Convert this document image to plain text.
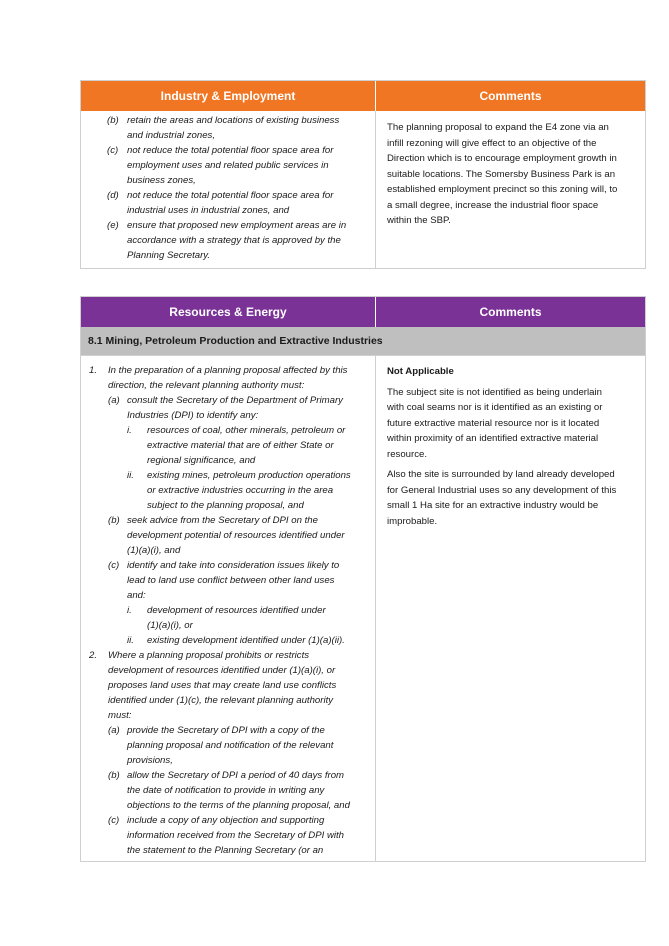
Industry & Employment	Comments
(b) retain the areas and locations of existing business
and industrial zones,
(c) not reduce the total potential floor space area for
employment uses and related public services in
business zones,
(d) not reduce the total potential floor space area for
industrial uses in industrial zones, and
(e) ensure that proposed new employment areas are in
accordance with a strategy that is approved by the
Planning Secretary.
The planning proposal to expand the E4 zone via an
infill rezoning will give effect to an objective of the
Direction which is to encourage employment growth in
suitable locations. The Somersby Business Park is an
established employment precinct so this zoning will, to
a small degree, increase the industrial floor space
within the SBP.
Resources & Energy	Comments
8.1 Mining, Petroleum Production and Extractive Industries
1. In the preparation of a planning proposal affected by this
direction, the relevant planning authority must:
(a) consult the Secretary of the Department of Primary
Industries (DPI) to identify any:
i. resources of coal, other minerals, petroleum or
extractive material that are of either State or
regional significance, and
ii. existing mines, petroleum production operations
or extractive industries occurring in the area
subject to the planning proposal, and
(b) seek advice from the Secretary of DPI on the
development potential of resources identified under
(1)(a)(i), and
(c) identify and take into consideration issues likely to
lead to land use conflict between other land uses
and:
i. development of resources identified under
(1)(a)(i), or
ii. existing development identified under (1)(a)(ii).
2. Where a planning proposal prohibits or restricts
development of resources identified under (1)(a)(i), or
proposes land uses that may create land use conflicts
identified under (1)(c), the relevant planning authority
must:
(a) provide the Secretary of DPI with a copy of the
planning proposal and notification of the relevant
provisions,
(b) allow the Secretary of DPI a period of 40 days from
the date of notification to provide in writing any
objections to the terms of the planning proposal, and
(c) include a copy of any objection and supporting
information received from the Secretary of DPI with
the statement to the Planning Secretary (or an
Not Applicable
The subject site is not identified as being underlain
with coal seams nor is it identified as an existing or
future extractive material resource nor is it located
within proximity of an identified extractive material
resource.
Also the site is surrounded by land already developed
for General Industrial uses so any development of this
small 1 Ha site for an extractive industry would be
improbable.
